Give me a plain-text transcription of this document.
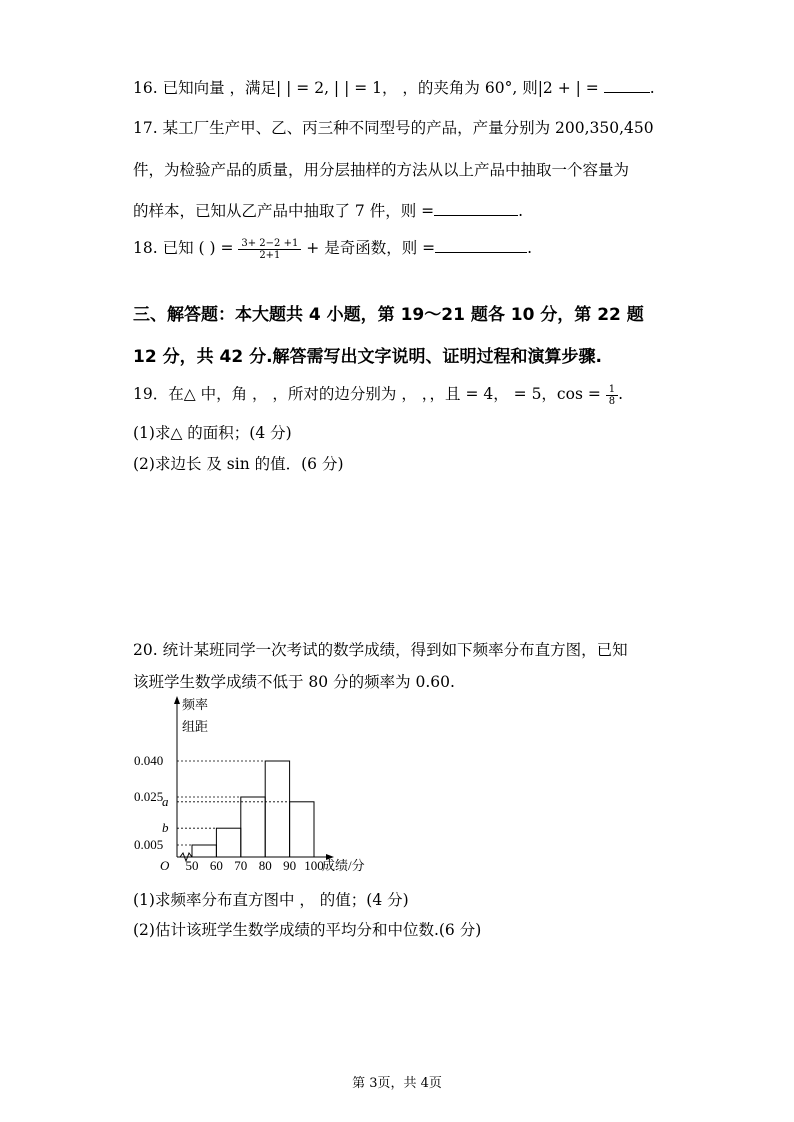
16. 已知向量 ，满足| | = 2, | | = 1， ，的夹角为 60°, 则|2 + | =	.
17. 某工厂生产甲、乙、丙三种不同型号的产品，产量分别为 200,350,450
件，为检验产品的质量，用分层抽样的方法从以上产品中抽取一个容量为
的样本，已知从乙产品中抽取了 7 件，则 =	.
18. 已知 ( ) = $\frac{3+ 2-2 +1}{2+1}$ + 是奇函数，则 =	.
三、解答题：本大题共 4 小题，第 19～21 题各 10 分，第 22 题
12 分，共 42 分.解答需写出文字说明、证明过程和演算步骤.
19．在△ 中，角 ， ，所对的边分别为 ， ，，且 = 4， = 5，$\cos = \frac{1}{8}$ .
(1)求△ 的面积；(4 分)
(2)求边长 及 sin 的值．(6 分)
20. 统计某班同学一次考试的数学成绩，得到如下频率分布直方图，已知
该班学生数学成绩不低于 80 分的频率为 0.60.
频率
组距
成绩/分
O
0.040
0.025
a
b
0.005
50 60 70 80 90 100
(1)求频率分布直方图中 ， 的值；(4 分)
(2)估计该班学生数学成绩的平均分和中位数.(6 分)
第 3页，共 4页
